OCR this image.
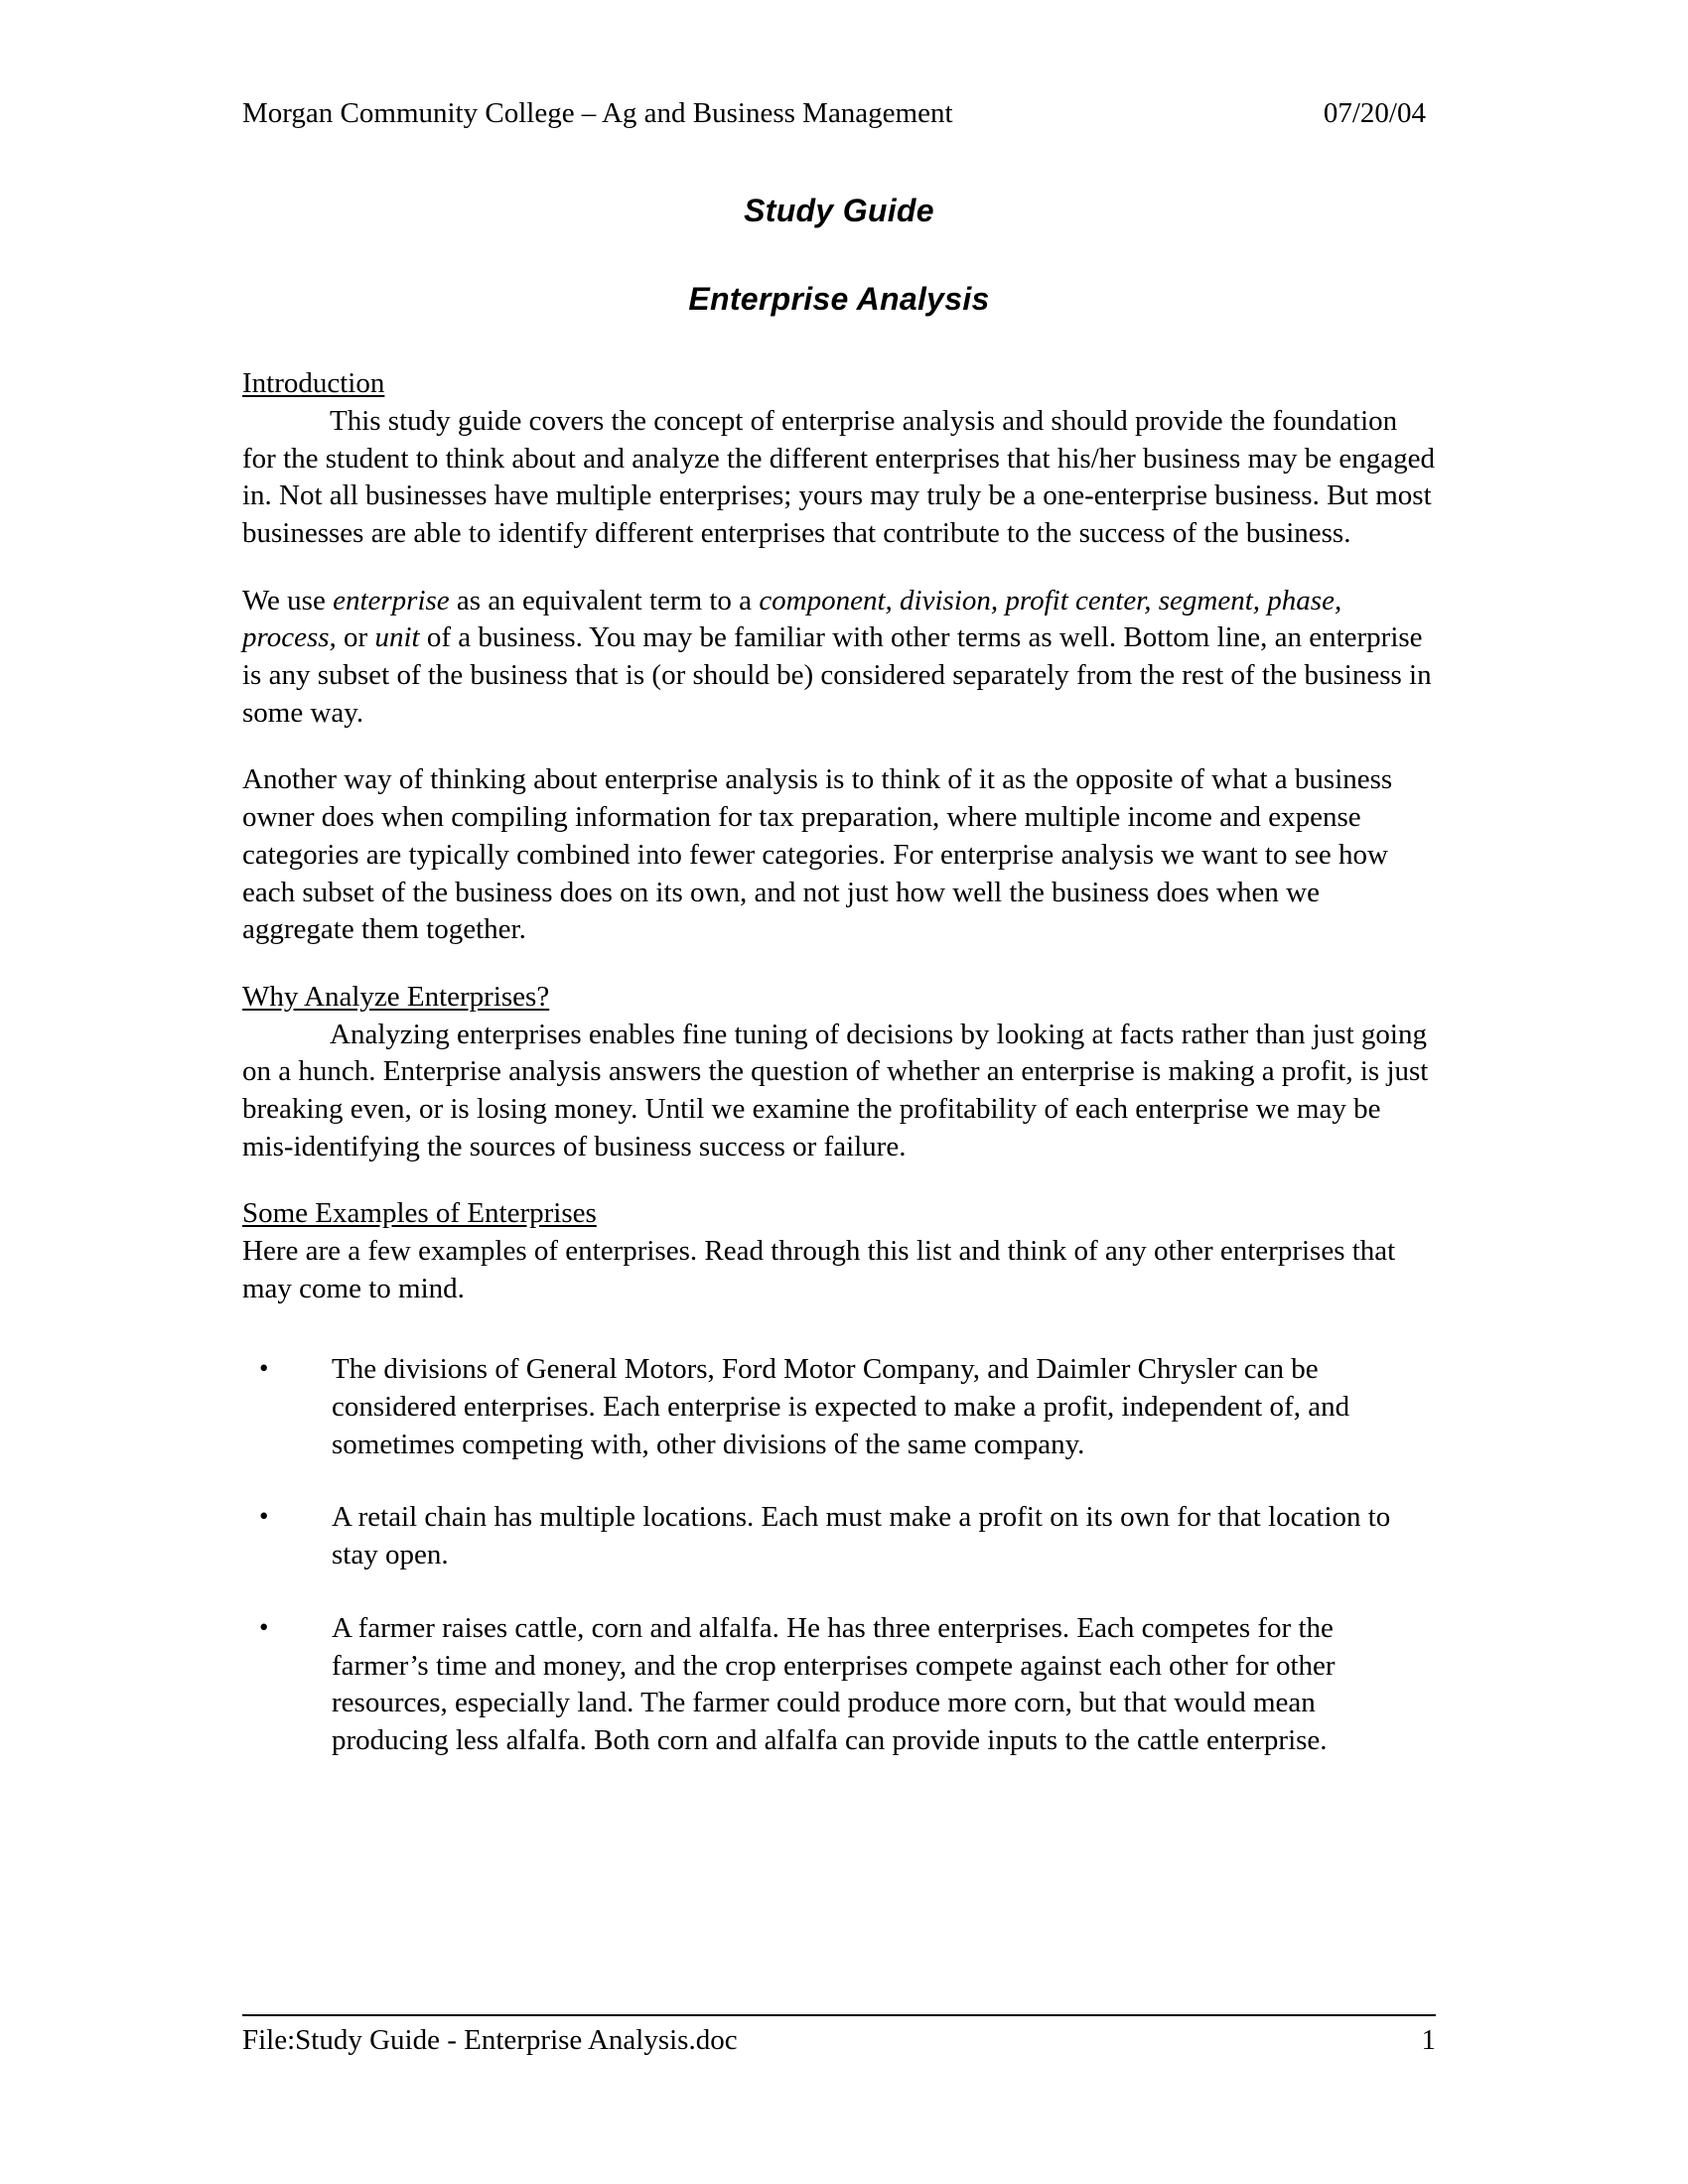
Morgan Community College – Ag and Business Management	07/20/04
Study Guide
Enterprise Analysis
Introduction

This study guide covers the concept of enterprise analysis and should provide the foundation for the student to think about and analyze the different enterprises that his/her business may be engaged in. Not all businesses have multiple enterprises; yours may truly be a one-enterprise business. But most businesses are able to identify different enterprises that contribute to the success of the business.

We use enterprise as an equivalent term to a component, division, profit center, segment, phase, process, or unit of a business. You may be familiar with other terms as well. Bottom line, an enterprise is any subset of the business that is (or should be) considered separately from the rest of the business in some way.

Another way of thinking about enterprise analysis is to think of it as the opposite of what a business owner does when compiling information for tax preparation, where multiple income and expense categories are typically combined into fewer categories. For enterprise analysis we want to see how each subset of the business does on its own, and not just how well the business does when we aggregate them together.

Why Analyze Enterprises?

Analyzing enterprises enables fine tuning of decisions by looking at facts rather than just going on a hunch. Enterprise analysis answers the question of whether an enterprise is making a profit, is just breaking even, or is losing money. Until we examine the profitability of each enterprise we may be mis-identifying the sources of business success or failure.

Some Examples of Enterprises

Here are a few examples of enterprises. Read through this list and think of any other enterprises that may come to mind.

• The divisions of General Motors, Ford Motor Company, and Daimler Chrysler can be considered enterprises. Each enterprise is expected to make a profit, independent of, and sometimes competing with, other divisions of the same company.
• A retail chain has multiple locations. Each must make a profit on its own for that location to stay open.
• A farmer raises cattle, corn and alfalfa. He has three enterprises. Each competes for the farmer’s time and money, and the crop enterprises compete against each other for other resources, especially land. The farmer could produce more corn, but that would mean producing less alfalfa. Both corn and alfalfa can provide inputs to the cattle enterprise.
File:Study Guide - Enterprise Analysis.doc	1
